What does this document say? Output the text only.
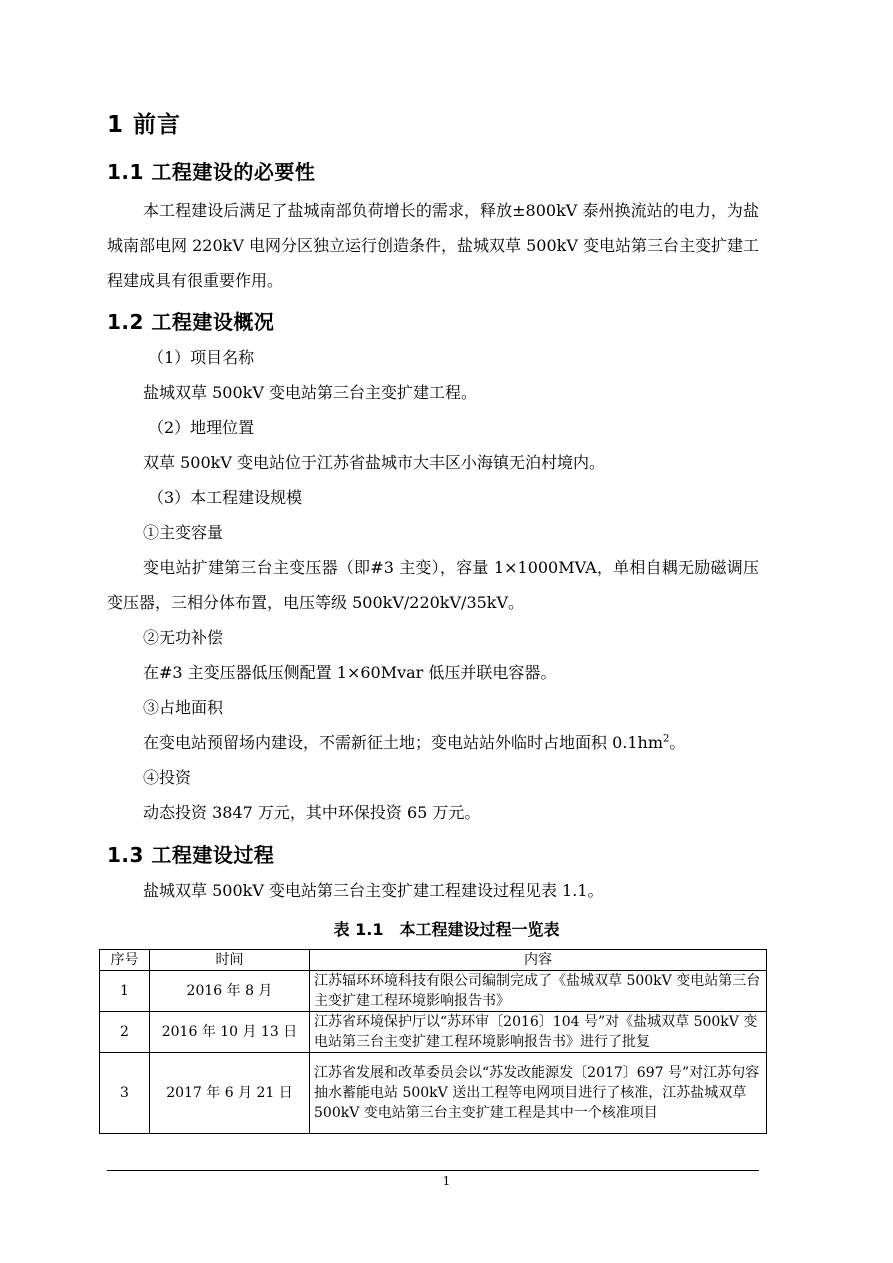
1 前言
1.1 工程建设的必要性
本工程建设后满足了盐城南部负荷增长的需求，释放±800kV 泰州换流站的电力，为盐城南部电网 220kV 电网分区独立运行创造条件，盐城双草 500kV 变电站第三台主变扩建工程建成具有很重要作用。
1.2 工程建设概况
（1）项目名称
盐城双草 500kV 变电站第三台主变扩建工程。
（2）地理位置
双草 500kV 变电站位于江苏省盐城市大丰区小海镇无泊村境内。
（3）本工程建设规模
①主变容量
变电站扩建第三台主变压器（即#3 主变），容量 1×1000MVA，单相自耦无励磁调压变压器，三相分体布置，电压等级 500kV/220kV/35kV。
②无功补偿
在#3 主变压器低压侧配置 1×60Mvar 低压并联电容器。
③占地面积
在变电站预留场内建设，不需新征土地；变电站站外临时占地面积 $0.1hm^2$。
④投资
动态投资 3847 万元，其中环保投资 65 万元。
1.3 工程建设过程
盐城双草 500kV 变电站第三台主变扩建工程建设过程见表 1.1。
表 1.1　本工程建设过程一览表
序号	时间	内容
1	2016 年 8 月	江苏辐环环境科技有限公司编制完成了《盐城双草 500kV 变电站第三台主变扩建工程环境影响报告书》
2	2016 年 10 月 13 日	江苏省环境保护厅以“苏环审〔2016〕104 号”对《盐城双草 500kV 变电站第三台主变扩建工程环境影响报告书》进行了批复
3	2017 年 6 月 21 日	江苏省发展和改革委员会以“苏发改能源发〔2017〕697 号”对江苏句容抽水蓄能电站 500kV 送出工程等电网项目进行了核准，江苏盐城双草500kV 变电站第三台主变扩建工程是其中一个核准项目
1
